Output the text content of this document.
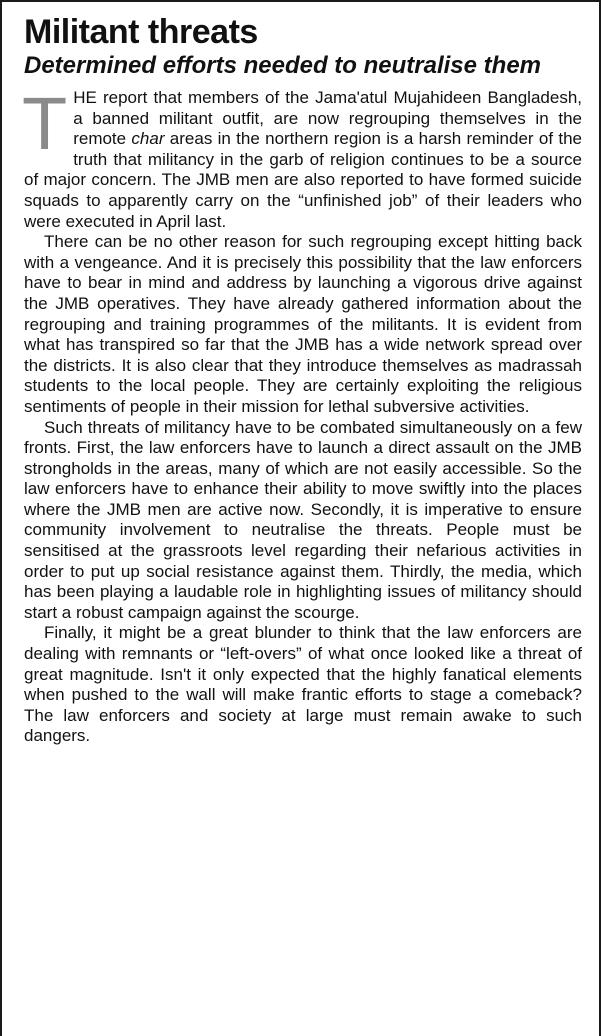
Militant threats
Determined efforts needed to neutralise them

THE report that members of the Jama'atul Mujahideen Bangladesh, a banned militant outfit, are now regrouping themselves in the remote char areas in the northern region is a harsh reminder of the truth that militancy in the garb of religion continues to be a source of major concern. The JMB men are also reported to have formed suicide squads to apparently carry on the “unfinished job” of their leaders who were executed in April last.

There can be no other reason for such regrouping except hitting back with a vengeance. And it is precisely this possibility that the law enforcers have to bear in mind and address by launching a vigorous drive against the JMB operatives. They have already gathered information about the regrouping and training programmes of the militants. It is evident from what has transpired so far that the JMB has a wide network spread over the districts. It is also clear that they introduce themselves as madrassah students to the local people. They are certainly exploiting the religious sentiments of people in their mission for lethal subversive activities.

Such threats of militancy have to be combated simultaneously on a few fronts. First, the law enforcers have to launch a direct assault on the JMB strongholds in the areas, many of which are not easily accessible. So the law enforcers have to enhance their ability to move swiftly into the places where the JMB men are active now. Secondly, it is imperative to ensure community involvement to neutralise the threats. People must be sensitised at the grassroots level regarding their nefarious activities in order to put up social resistance against them. Thirdly, the media, which has been playing a laudable role in highlighting issues of militancy should start a robust campaign against the scourge.

Finally, it might be a great blunder to think that the law enforcers are dealing with remnants or “left-overs” of what once looked like a threat of great magnitude. Isn't it only expected that the highly fanatical elements when pushed to the wall will make frantic efforts to stage a comeback? The law enforcers and society at large must remain awake to such dangers.
